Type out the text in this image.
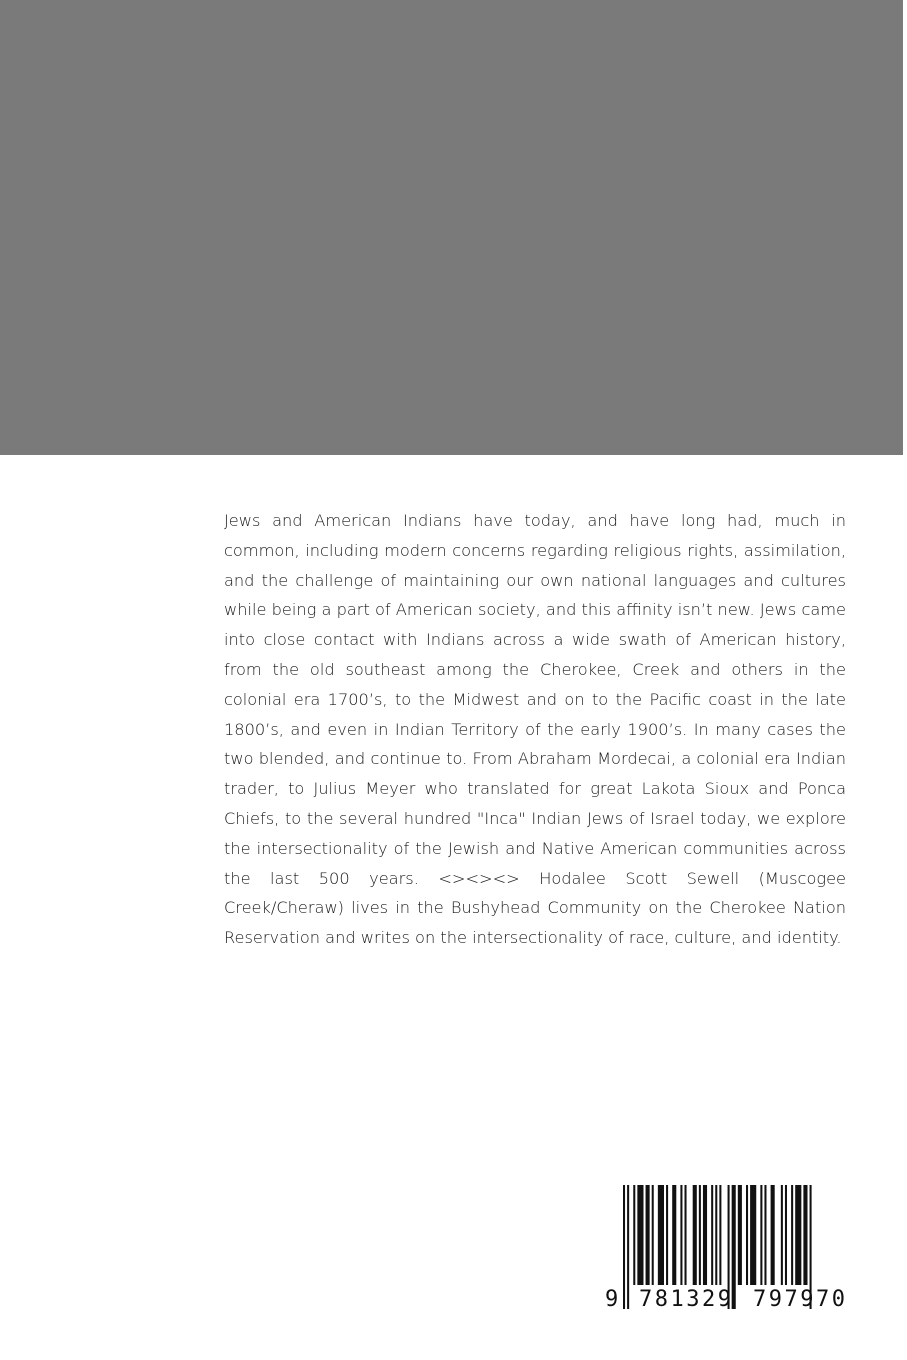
Jews and American Indians have today, and have long had, much in common, including modern concerns regarding religious rights, assimilation, and the challenge of maintaining our own national languages and cultures while being a part of American society, and this affinity isn’t new. Jews came into close contact with Indians across a wide swath of American history, from the old southeast among the Cherokee, Creek and others in the colonial era 1700’s, to the Midwest and on to the Pacific coast in the late 1800’s, and even in Indian Territory of the early 1900’s. In many cases the two blended, and continue to. From Abraham Mordecai, a colonial era Indian trader, to Julius Meyer who translated for great Lakota Sioux and Ponca Chiefs, to the several hundred "Inca" Indian Jews of Israel today, we explore the intersectionality of the Jewish and Native American communities across the last 500 years. <><><> Hodalee Scott Sewell (Muscogee Creek/Cheraw) lives in the Bushyhead Community on the Cherokee Nation Reservation and writes on the intersectionality of race, culture, and identity.

9 781329 797970
